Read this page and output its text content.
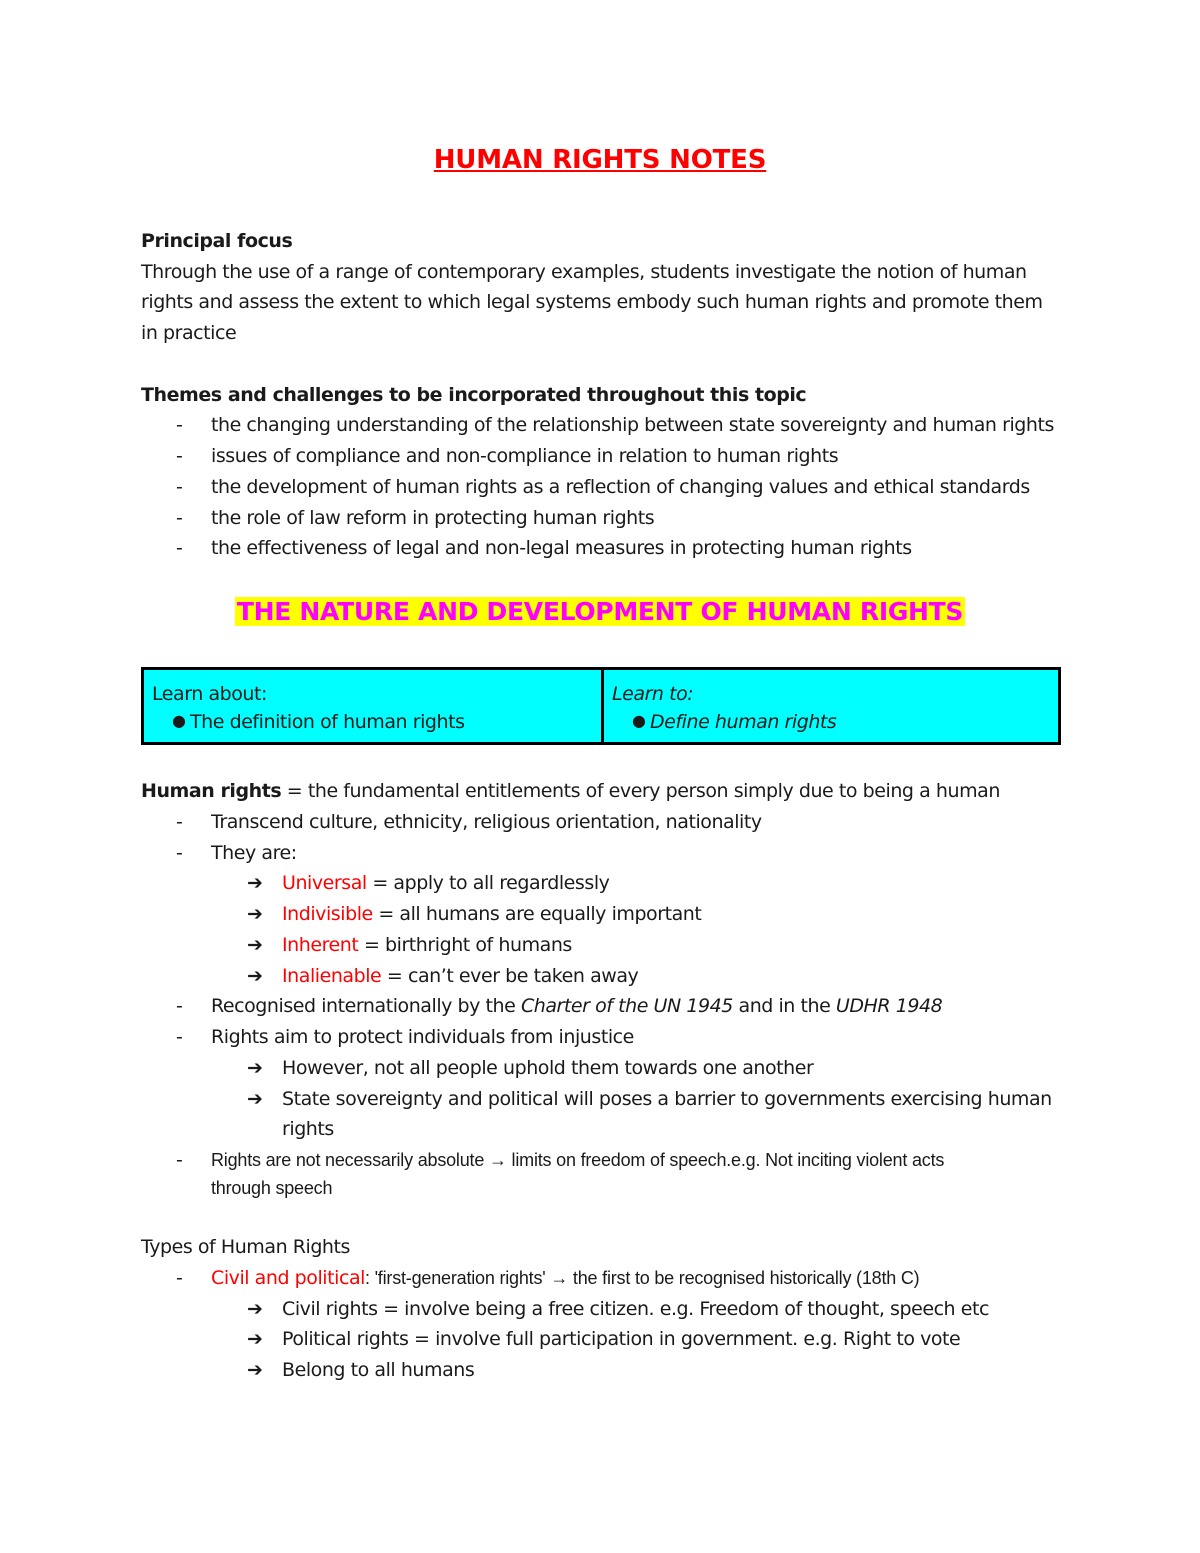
HUMAN RIGHTS NOTES
Principal focus
Through the use of a range of contemporary examples, students investigate the notion of human
rights and assess the extent to which legal systems embody such human rights and promote them
in practice
Themes and challenges to be incorporated throughout this topic
- the changing understanding of the relationship between state sovereignty and human rights
- issues of compliance and non-compliance in relation to human rights
- the development of human rights as a reflection of changing values and ethical standards
- the role of law reform in protecting human rights
- the effectiveness of legal and non-legal measures in protecting human rights
THE NATURE AND DEVELOPMENT OF HUMAN RIGHTS
Learn about:
● The definition of human rights
Learn to:
● Define human rights
Human rights = the fundamental entitlements of every person simply due to being a human
- Transcend culture, ethnicity, religious orientation, nationality
- They are:
➔ Universal = apply to all regardlessly
➔ Indivisible = all humans are equally important
➔ Inherent = birthright of humans
➔ Inalienable = can’t ever be taken away
- Recognised internationally by the Charter of the UN 1945 and in the UDHR 1948
- Rights aim to protect individuals from injustice
➔ However, not all people uphold them towards one another
➔ State sovereignty and political will poses a barrier to governments exercising human
rights
- Rights are not necessarily absolute → limits on freedom of speech.e.g. Not inciting violent acts
through speech
Types of Human Rights
- Civil and political: 'first-generation rights' → the first to be recognised historically (18th C)
➔ Civil rights = involve being a free citizen. e.g. Freedom of thought, speech etc
➔ Political rights = involve full participation in government. e.g. Right to vote
➔ Belong to all humans
